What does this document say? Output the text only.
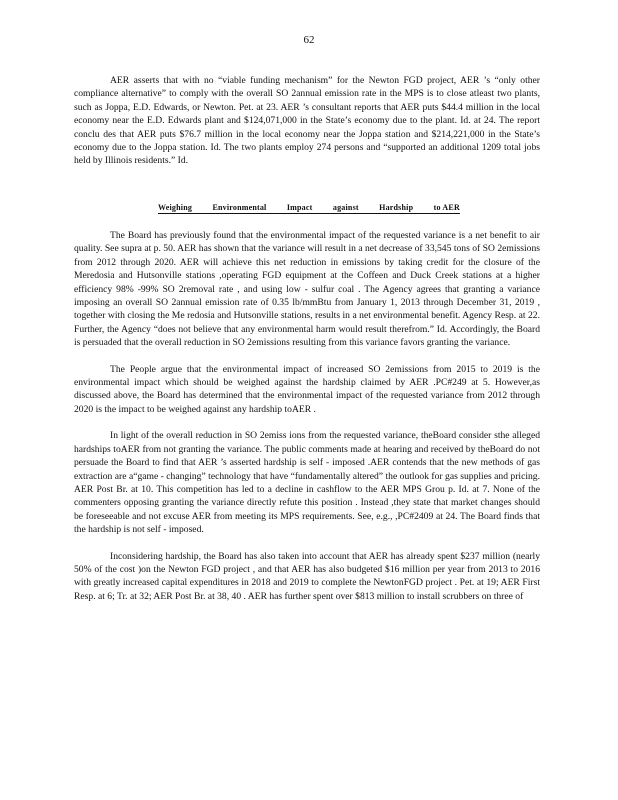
62

AER asserts that with no “viable funding mechanism” for the Newton FGD project, AER ’s “only other compliance alternative” to comply with the overall SO 2annual emission rate in the MPS is to close atleast two plants, such as Joppa, E.D. Edwards, or Newton. Pet. at 23. AER ’s consultant reports that AER puts $44.4 million in the local economy near the E.D. Edwards plant and $124,071,000 in the State’s economy due to the plant. Id. at 24. The report conclu des that AER puts $76.7 million in the local economy near the Joppa station and $214,221,000 in the State’s economy due to the Joppa station. Id. The two plants employ 274 persons and “supported an additional 1209 total jobs held by Illinois residents.” Id.

Weighing	Environmental	Impact	against	Hardship	to AER

The Board has previously found that the environmental impact of the requested variance is a net benefit to air quality. See supra at p. 50. AER has shown that the variance will result in a net decrease of 33,545 tons of SO 2emissions from 2012 through 2020. AER will achieve this net reduction in emissions by taking credit for the closure of the Meredosia and Hutsonville stations ,operating FGD equipment at the Coffeen and Duck Creek stations at a higher efficiency 98% -99% SO 2removal rate , and using low - sulfur coal . The Agency agrees that granting a variance imposing an overall SO 2annual emission rate of 0.35 lb/mmBtu from January 1, 2013 through December 31, 2019 , together with closing the Me redosia and Hutsonville stations, results in a net environmental benefit. Agency Resp. at 22. Further, the Agency “does not believe that any environmental harm would result therefrom.” Id. Accordingly, the Board is persuaded that the overall reduction in SO 2emissions resulting from this variance favors granting the variance.

The People argue that the environmental impact of increased SO 2emissions from 2015 to 2019 is the environmental impact which should be weighed against the hardship claimed by AER .PC#249 at 5. However,as discussed above, the Board has determined that the environmental impact of the requested variance from 2012 through 2020 is the impact to be weighed against any hardship toAER .

In light of the overall reduction in SO 2emiss ions from the requested variance, theBoard consider sthe alleged hardships toAER from not granting the variance. The public comments made at hearing and received by theBoard do not persuade the Board to find that AER ’s asserted hardship is self - imposed .AER contends that the new methods of gas extraction are a“game - changing” technology that have “fundamentally altered” the outlook for gas supplies and pricing. AER Post Br. at 10. This competition has led to a decline in cashflow to the AER MPS Grou p. Id. at 7. None of the commenters opposing granting the variance directly refute this position . Instead ,they state that market changes should be foreseeable and not excuse AER from meeting its MPS requirements. See, e.g., ,PC#2409 at 24. The Board finds that the hardship is not self - imposed.

Inconsidering hardship, the Board has also taken into account that AER has already spent $237 million (nearly 50% of the cost )on the Newton FGD project , and that AER has also budgeted $16 million per year from 2013 to 2016 with greatly increased capital expenditures in 2018 and 2019 to complete the NewtonFGD project . Pet. at 19; AER First Resp. at 6; Tr. at 32; AER Post Br. at 38, 40 . AER has further spent over $813 million to install scrubbers on three of
